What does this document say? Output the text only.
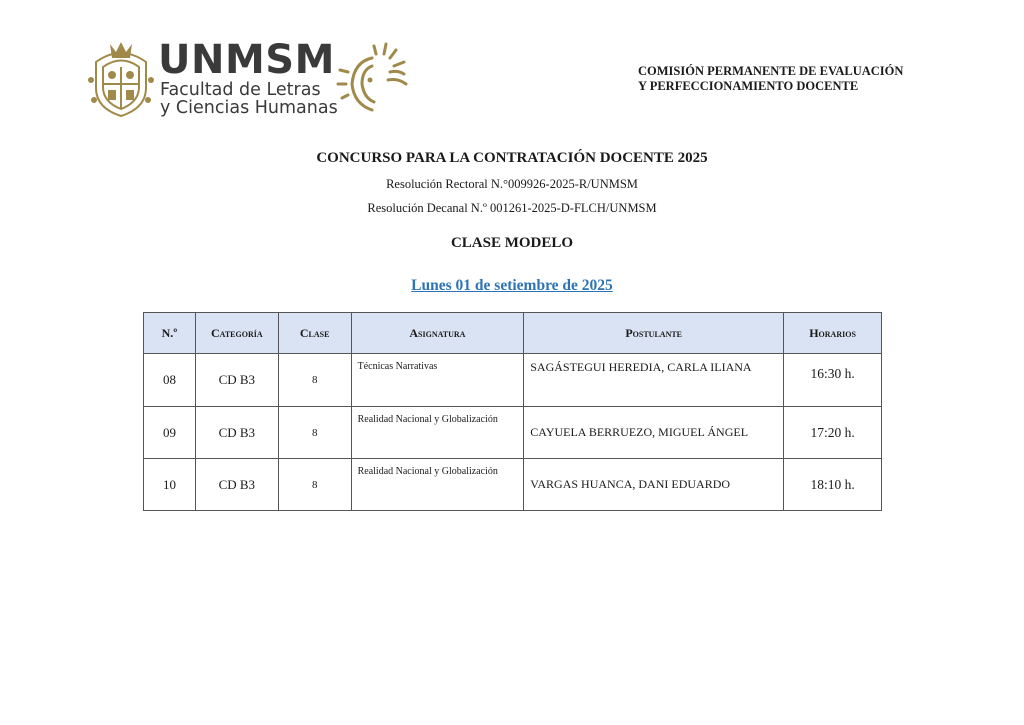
UNMSM
Facultad de Letras
y Ciencias Humanas
COMISIÓN PERMANENTE DE EVALUACIÓN
Y PERFECCIONAMIENTO DOCENTE
CONCURSO PARA LA CONTRATACIÓN DOCENTE 2025
Resolución Rectoral N.°009926-2025-R/UNMSM
Resolución Decanal N.º 001261-2025-D-FLCH/UNMSM
CLASE MODELO
Lunes 01 de setiembre de 2025
N.º	Categoría	Clase	Asignatura	Postulante	Horarios
08	CD B3	8	Técnicas Narrativas	SAGÁSTEGUI HEREDIA, CARLA ILIANA	16:30 h.
09	CD B3	8	Realidad Nacional y Globalización	CAYUELA BERRUEZO, MIGUEL ÁNGEL	17:20 h.
10	CD B3	8	Realidad Nacional y Globalización	VARGAS HUANCA, DANI EDUARDO	18:10 h.
